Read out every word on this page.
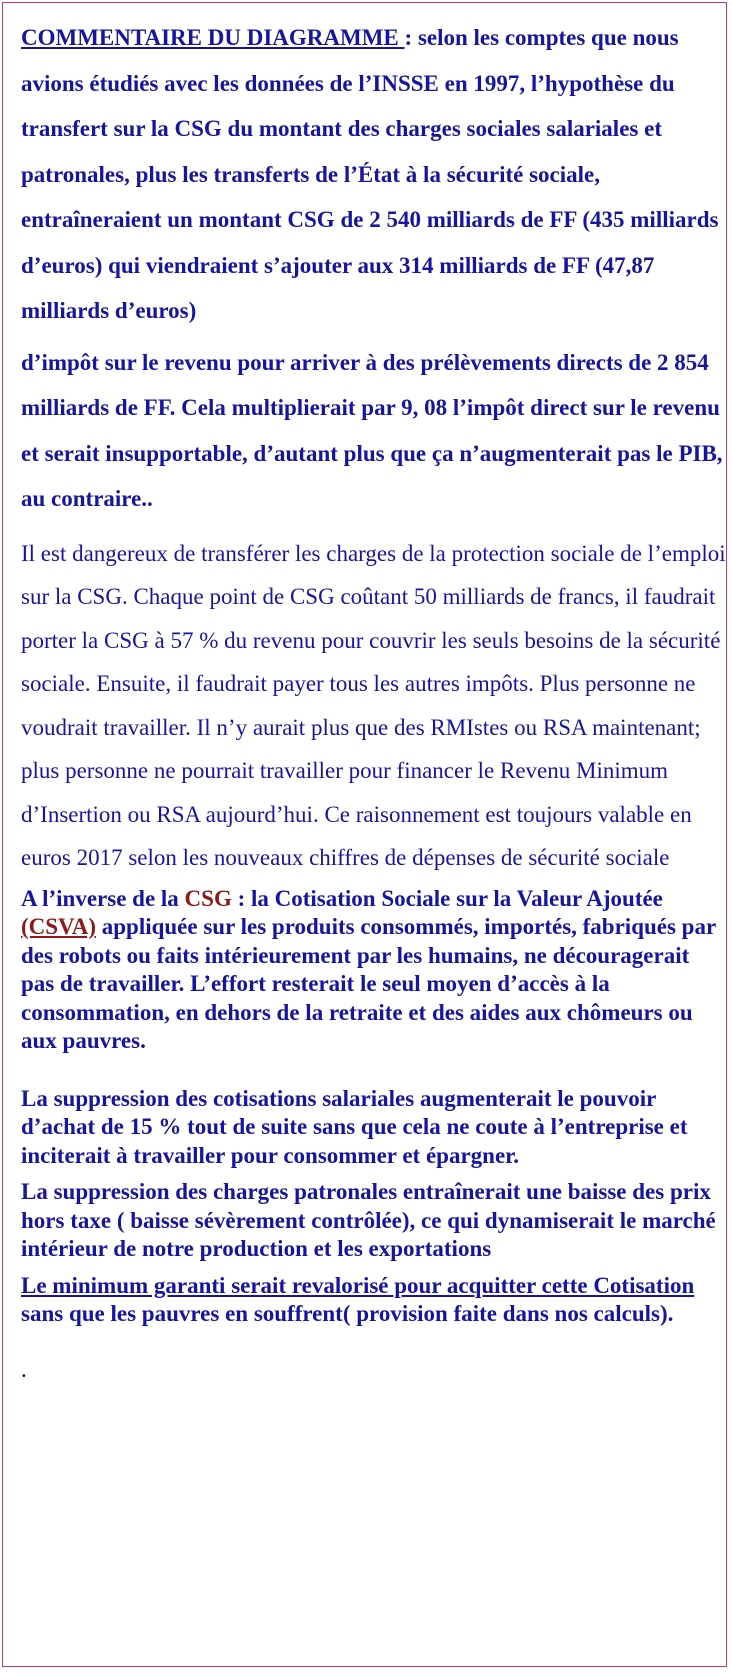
COMMENTAIRE DU DIAGRAMME : selon les comptes que nous avions étudiés avec les données de l’INSSE en 1997, l’hypothèse du transfert sur la CSG du montant des charges sociales salariales et patronales, plus les transferts de l’État à la sécurité sociale, entraîneraient un montant CSG de 2 540 milliards de FF (435 milliards d’euros) qui viendraient s’ajouter aux 314 milliards de FF (47,87 milliards d’euros)

d’impôt sur le revenu pour arriver à des prélèvements directs de 2 854 milliards de FF. Cela multiplierait par 9, 08 l’impôt direct sur le revenu et serait insupportable, d’autant plus que ça n’augmenterait pas le PIB, au contraire..

Il est dangereux de transférer les charges de la protection sociale de l’emploi sur la CSG. Chaque point de CSG coûtant 50 milliards de francs, il faudrait porter la CSG à 57 % du revenu pour couvrir les seuls besoins de la sécurité sociale. Ensuite, il faudrait payer tous les autres impôts. Plus personne ne voudrait travailler. Il n’y aurait plus que des RMIstes ou RSA maintenant; plus personne ne pourrait travailler pour financer le Revenu Minimum d’Insertion ou RSA aujourd’hui. Ce raisonnement est toujours valable en euros 2017 selon les nouveaux chiffres de dépenses de sécurité sociale

A l’inverse de la CSG : la Cotisation Sociale sur la Valeur Ajoutée (CSVA) appliquée sur les produits consommés, importés, fabriqués par des robots ou faits intérieurement par les humains, ne découragerait pas de travailler. L’effort resterait le seul moyen d’accès à la consommation, en dehors de la retraite et des aides aux chômeurs ou aux pauvres.

La suppression des cotisations salariales augmenterait le pouvoir d’achat de 15 % tout de suite sans que cela ne coute à l’entreprise et inciterait à travailler pour consommer et épargner.

La suppression des charges patronales entraînerait une baisse des prix hors taxe ( baisse sévèrement contrôlée), ce qui dynamiserait le marché intérieur de notre production et les exportations

Le minimum garanti serait revalorisé pour acquitter cette Cotisation sans que les pauvres en souffrent( provision faite dans nos calculs).

.
